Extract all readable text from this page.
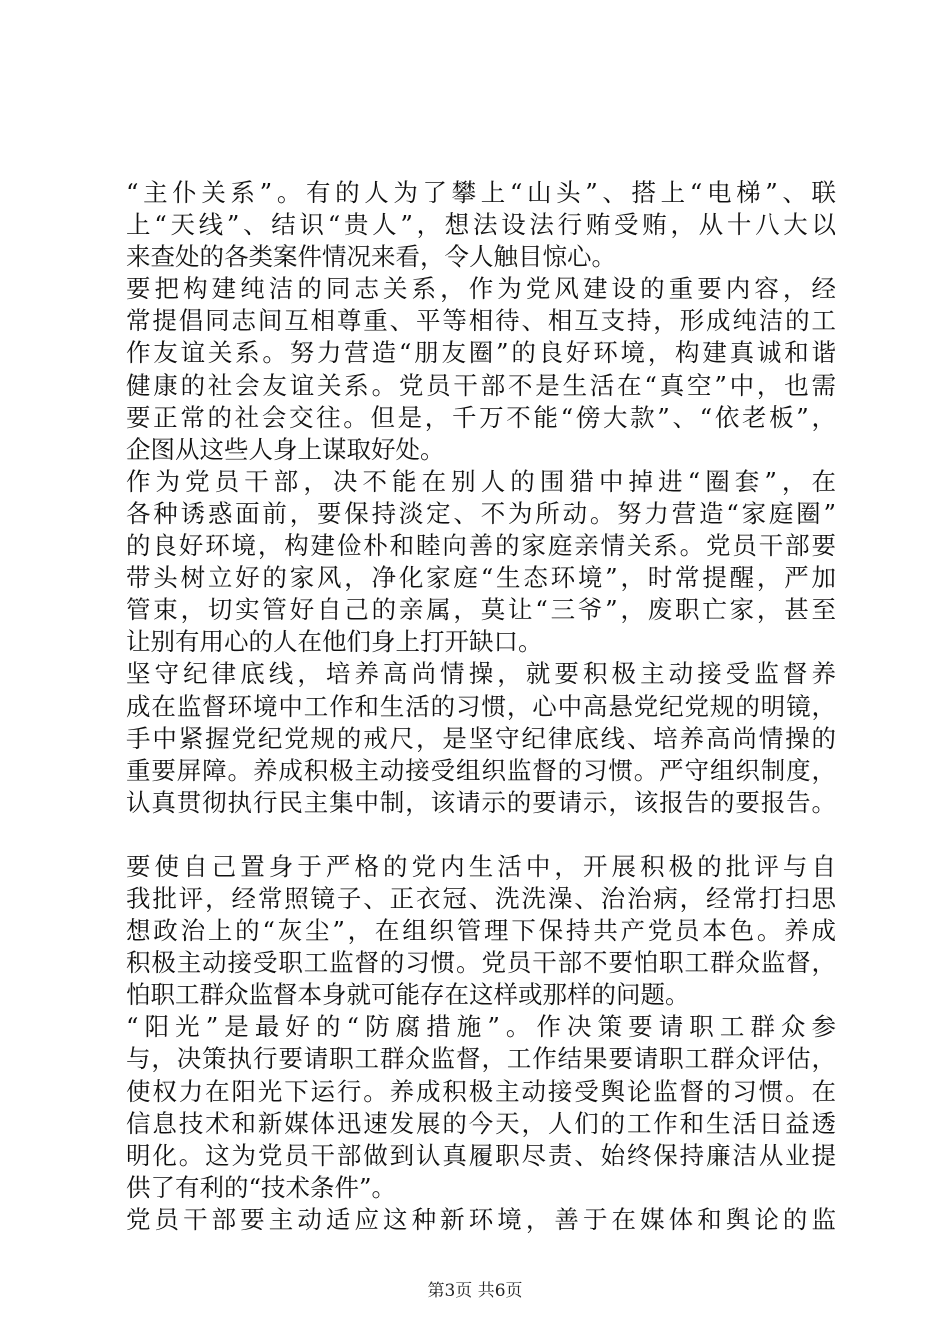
“主仆关系”。有的人为了攀上“山头”、搭上“电梯”、联
上“天线”、结识“贵人”，想法设法行贿受贿，从十八大以
来查处的各类案件情况来看，令人触目惊心。
要把构建纯洁的同志关系，作为党风建设的重要内容，经
常提倡同志间互相尊重、平等相待、相互支持，形成纯洁的工
作友谊关系。努力营造“朋友圈”的良好环境，构建真诚和谐
健康的社会友谊关系。党员干部不是生活在“真空”中，也需
要正常的社会交往。但是，千万不能“傍大款”、“依老板”，
企图从这些人身上谋取好处。
作为党员干部，决不能在别人的围猎中掉进“圈套”，在
各种诱惑面前，要保持淡定、不为所动。努力营造“家庭圈”
的良好环境，构建俭朴和睦向善的家庭亲情关系。党员干部要
带头树立好的家风，净化家庭“生态环境”，时常提醒，严加
管束，切实管好自己的亲属，莫让“三爷”，废职亡家，甚至
让别有用心的人在他们身上打开缺口。
坚守纪律底线，培养高尚情操，就要积极主动接受监督养
成在监督环境中工作和生活的习惯，心中高悬党纪党规的明镜，
手中紧握党纪党规的戒尺，是坚守纪律底线、培养高尚情操的
重要屏障。养成积极主动接受组织监督的习惯。严守组织制度，
认真贯彻执行民主集中制，该请示的要请示，该报告的要报告。
要使自己置身于严格的党内生活中，开展积极的批评与自
我批评，经常照镜子、正衣冠、洗洗澡、治治病，经常打扫思
想政治上的“灰尘”，在组织管理下保持共产党员本色。养成
积极主动接受职工监督的习惯。党员干部不要怕职工群众监督，
怕职工群众监督本身就可能存在这样或那样的问题。
“阳光”是最好的“防腐措施”。作决策要请职工群众参
与，决策执行要请职工群众监督，工作结果要请职工群众评估，
使权力在阳光下运行。养成积极主动接受舆论监督的习惯。在
信息技术和新媒体迅速发展的今天，人们的工作和生活日益透
明化。这为党员干部做到认真履职尽责、始终保持廉洁从业提
供了有利的“技术条件”。
党员干部要主动适应这种新环境，善于在媒体和舆论的监
第3页 共6页
